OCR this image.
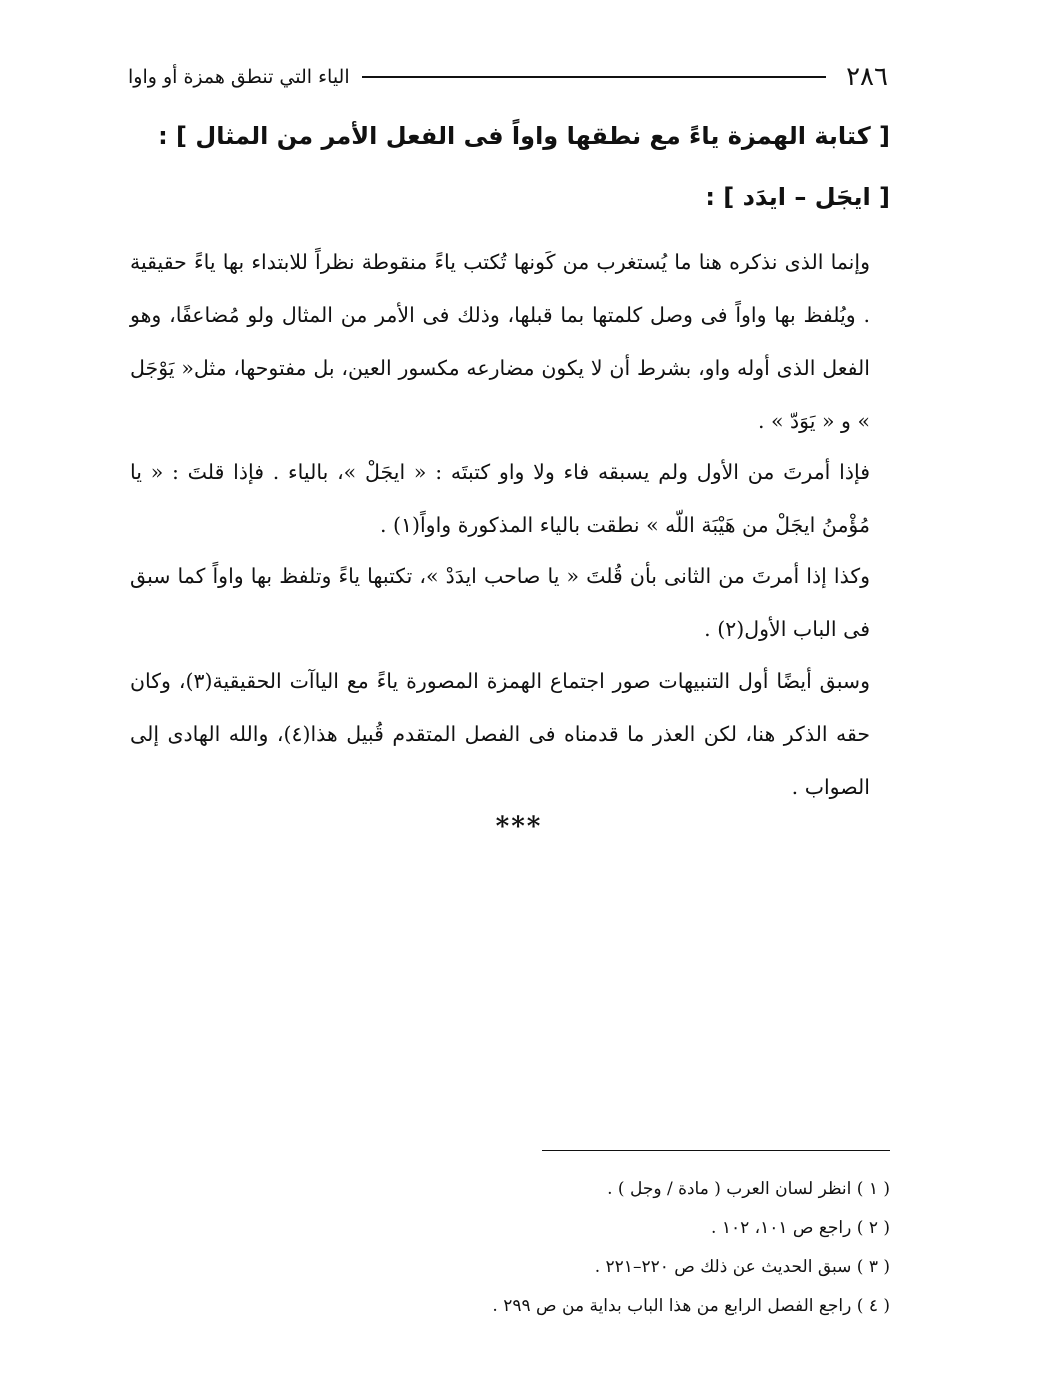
٢٨٦
الياء التي تنطق همزة أو واوا
[ كتابة الهمزة ياءً مع نطقها واواً فى الفعل الأمر من المثال ] :
[ ايجَل – ايدَد ] :
وإنما الذى نذكره هنا ما يُستغرب من كَونها تُكتب ياءً منقوطة نظراً للابتداء بها ياءً حقيقية . ويُلفظ بها واواً فى وصل كلمتها بما قبلها، وذلك فى الأمر من المثال ولو مُضاعفًا، وهو الفعل الذى أوله واو، بشرط أن لا يكون مضارعه مكسور العين، بل مفتوحها، مثل« يَوْجَل » و « يَوَدّ » .
فإذا أمرتَ من الأول ولم يسبقه فاء ولا واو كتبتَه : « ايجَلْ »، بالياء . فإذا قلتَ : « يا مُؤْمنُ ايجَلْ من هَيْبَة اللّه » نطقت بالياء المذكورة واواً(١) .
وكذا إذا أمرتَ من الثانى بأن قُلتَ « يا صاحب ايدَدْ »، تكتبها ياءً وتلفظ بها واواً كما سبق فى الباب الأول(٢) .
وسبق أيضًا أول التنبيهات صور اجتماع الهمزة المصورة ياءً مع الياآت الحقيقية(٣)، وكان حقه الذكر هنا، لكن العذر ما قدمناه فى الفصل المتقدم قُبيل هذا(٤)، والله الهادى إلى الصواب .
***
( ١ ) انظر لسان العرب ( مادة / وجل ) .
( ٢ ) راجع ص ١٠١، ١٠٢ .
( ٣ ) سبق الحديث عن ذلك ص ٢٢٠–٢٢١ .
( ٤ ) راجع الفصل الرابع من هذا الباب بداية من ص ٢٩٩ .
